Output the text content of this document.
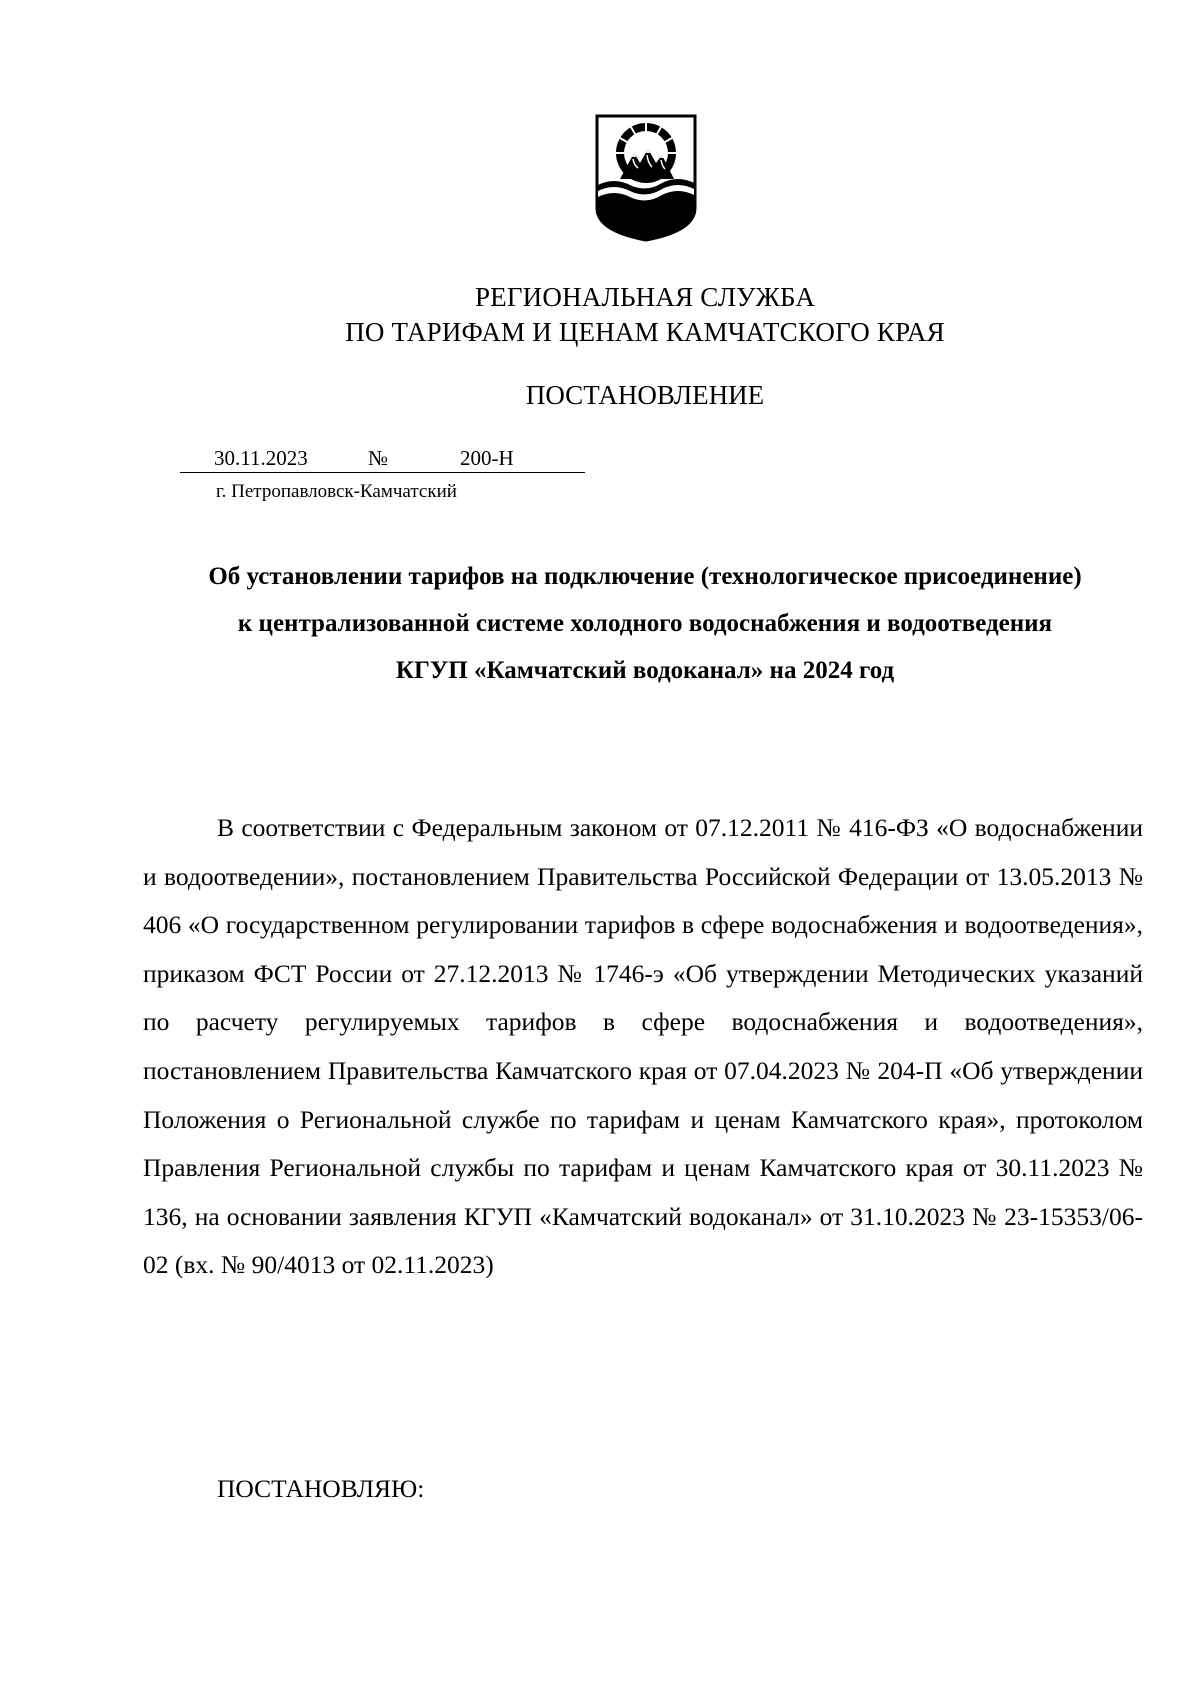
РЕГИОНАЛЬНАЯ СЛУЖБА
ПО ТАРИФАМ И ЦЕНАМ КАМЧАТСКОГО КРАЯ
ПОСТАНОВЛЕНИЕ
30.11.2023	№	200-Н
г. Петропавловск-Камчатский
Об установлении тарифов на подключение (технологическое присоединение)
к централизованной системе холодного водоснабжения и водоотведения
КГУП «Камчатский водоканал» на 2024 год
В соответствии с Федеральным законом от 07.12.2011 № 416-ФЗ «О водоснабжении и водоотведении», постановлением Правительства Российской Федерации от 13.05.2013 № 406 «О государственном регулировании тарифов в сфере водоснабжения и водоотведения», приказом ФСТ России от 27.12.2013 № 1746-э «Об утверждении Методических указаний по расчету регулируемых тарифов в сфере водоснабжения и водоотведения», постановлением Правительства Камчатского края от 07.04.2023 № 204-П «Об утверждении Положения о Региональной службе по тарифам и ценам Камчатского края», протоколом Правления Региональной службы по тарифам и ценам Камчатского края от 30.11.2023 № 136, на основании заявления КГУП «Камчатский водоканал» от 31.10.2023 № 23-15353/06-02 (вх. № 90/4013 от 02.11.2023)
ПОСТАНОВЛЯЮ:
